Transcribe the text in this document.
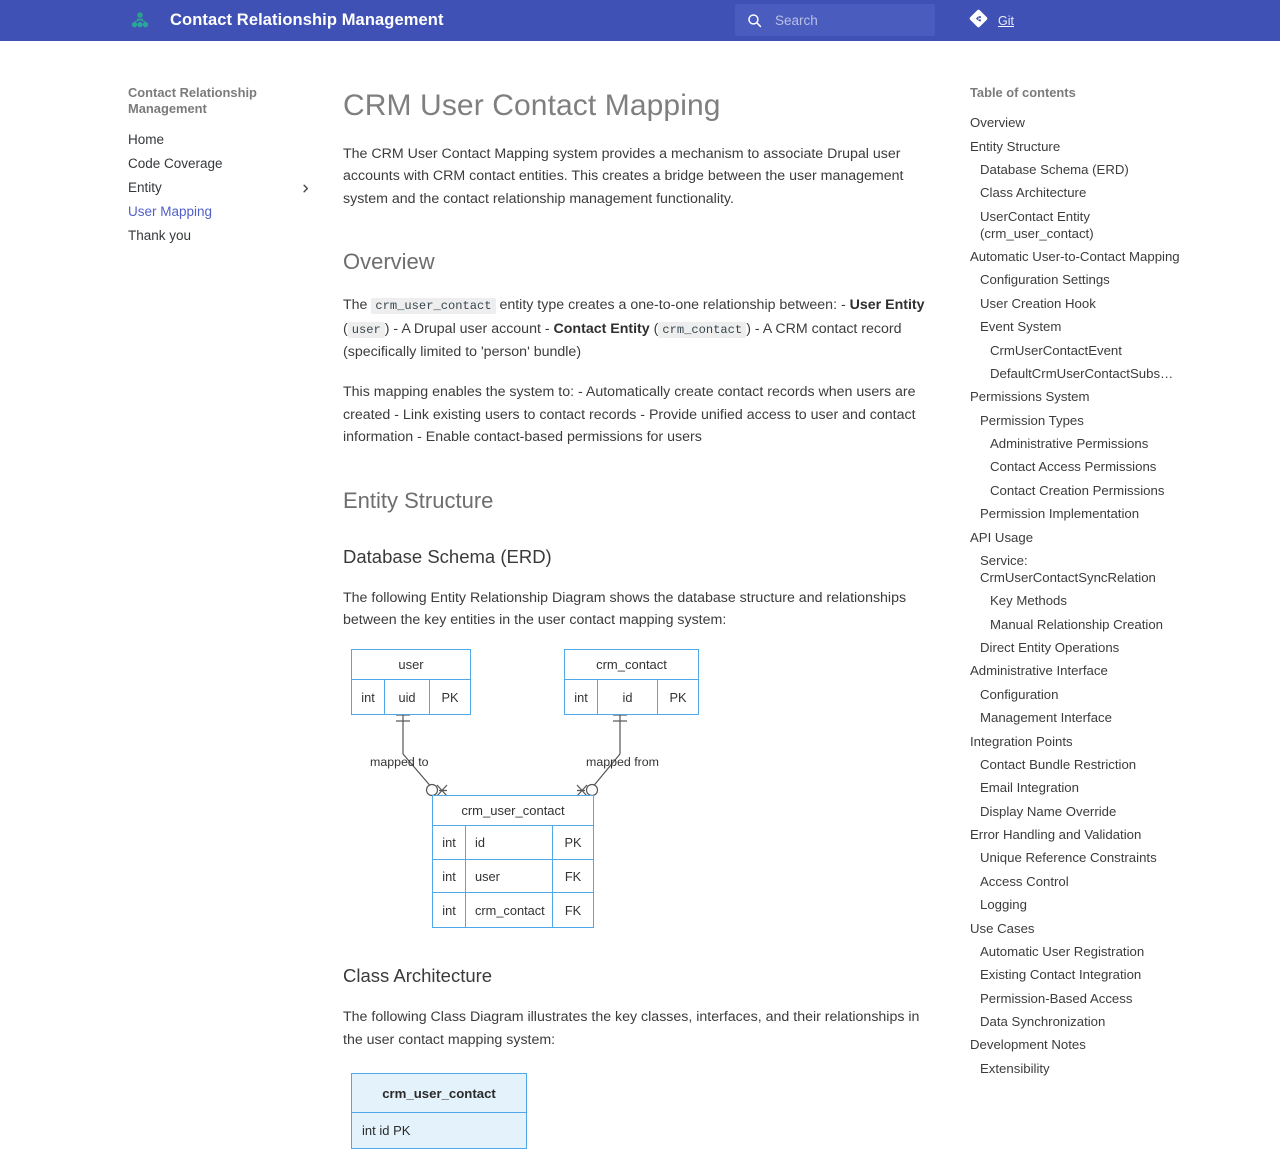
Contact Relationship Management
Search	Git
Contact Relationship Management
Home
Code Coverage
Entity
User Mapping
Thank you
CRM User Contact Mapping

The CRM User Contact Mapping system provides a mechanism to associate Drupal user accounts with CRM contact entities. This creates a bridge between the user management system and the contact relationship management functionality.

Overview

The crm_user_contact entity type creates a one-to-one relationship between: - User Entity ( user ) - A Drupal user account - Contact Entity ( crm_contact ) - A CRM contact record (specifically limited to 'person' bundle)

This mapping enables the system to: - Automatically create contact records when users are created - Link existing users to contact records - Provide unified access to user and contact information - Enable contact-based permissions for users

Entity Structure
Database Schema (ERD)

The following Entity Relationship Diagram shows the database structure and relationships between the key entities in the user contact mapping system:

user
int	uid	PK
crm_contact
int	id	PK
mapped to	mapped from
crm_user_contact
int	id	PK
int	user	FK
int	crm_contact	FK
Class Architecture

The following Class Diagram illustrates the key classes, interfaces, and their relationships in the user contact mapping system:

crm_user_contact
int id PK
Table of contents
Overview
Entity Structure
Database Schema (ERD)
Class Architecture
UserContact Entity (crm_user_contact)
Automatic User-to-Contact Mapping
Configuration Settings
User Creation Hook
Event System
CrmUserContactEvent
DefaultCrmUserContactSubs…
Permissions System
Permission Types
Administrative Permissions
Contact Access Permissions
Contact Creation Permissions
Permission Implementation
API Usage
Service: CrmUserContactSyncRelation
Key Methods
Manual Relationship Creation
Direct Entity Operations
Administrative Interface
Configuration
Management Interface
Integration Points
Contact Bundle Restriction
Email Integration
Display Name Override
Error Handling and Validation
Unique Reference Constraints
Access Control
Logging
Use Cases
Automatic User Registration
Existing Contact Integration
Permission-Based Access
Data Synchronization
Development Notes
Extensibility
